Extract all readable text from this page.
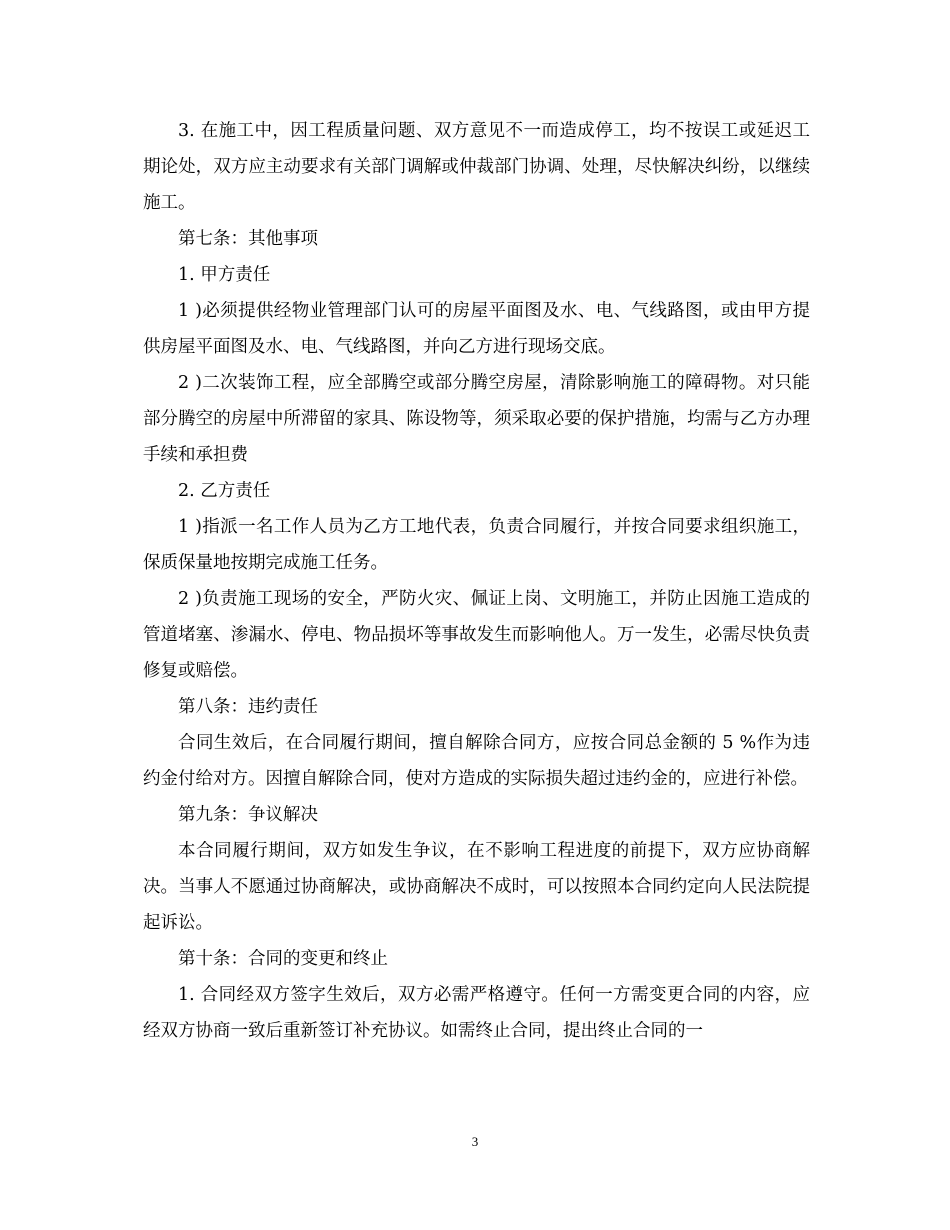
3. 在施工中，因工程质量问题、双方意见不一而造成停工，均不按误工或延迟工期论处，双方应主动要求有关部门调解或仲裁部门协调、处理，尽快解决纠纷，以继续施工。

第七条：其他事项

1. 甲方责任

1 )必须提供经物业管理部门认可的房屋平面图及水、电、气线路图，或由甲方提供房屋平面图及水、电、气线路图，并向乙方进行现场交底。

2 )二次装饰工程，应全部腾空或部分腾空房屋，清除影响施工的障碍物。对只能部分腾空的房屋中所滞留的家具、陈设物等，须采取必要的保护措施，均需与乙方办理手续和承担费

2. 乙方责任

1 )指派一名工作人员为乙方工地代表，负责合同履行，并按合同要求组织施工，保质保量地按期完成施工任务。

2 )负责施工现场的安全，严防火灾、佩证上岗、文明施工，并防止因施工造成的管道堵塞、渗漏水、停电、物品损坏等事故发生而影响他人。万一发生，必需尽快负责修复或赔偿。

第八条：违约责任

合同生效后，在合同履行期间，擅自解除合同方，应按合同总金额的 5 %作为违约金付给对方。因擅自解除合同，使对方造成的实际损失超过违约金的，应进行补偿。

第九条：争议解决

本合同履行期间，双方如发生争议，在不影响工程进度的前提下，双方应协商解决。当事人不愿通过协商解决，或协商解决不成时，可以按照本合同约定向人民法院提起诉讼。

第十条：合同的变更和终止

1. 合同经双方签字生效后，双方必需严格遵守。任何一方需变更合同的内容，应经双方协商一致后重新签订补充协议。如需终止合同，提出终止合同的一

3
